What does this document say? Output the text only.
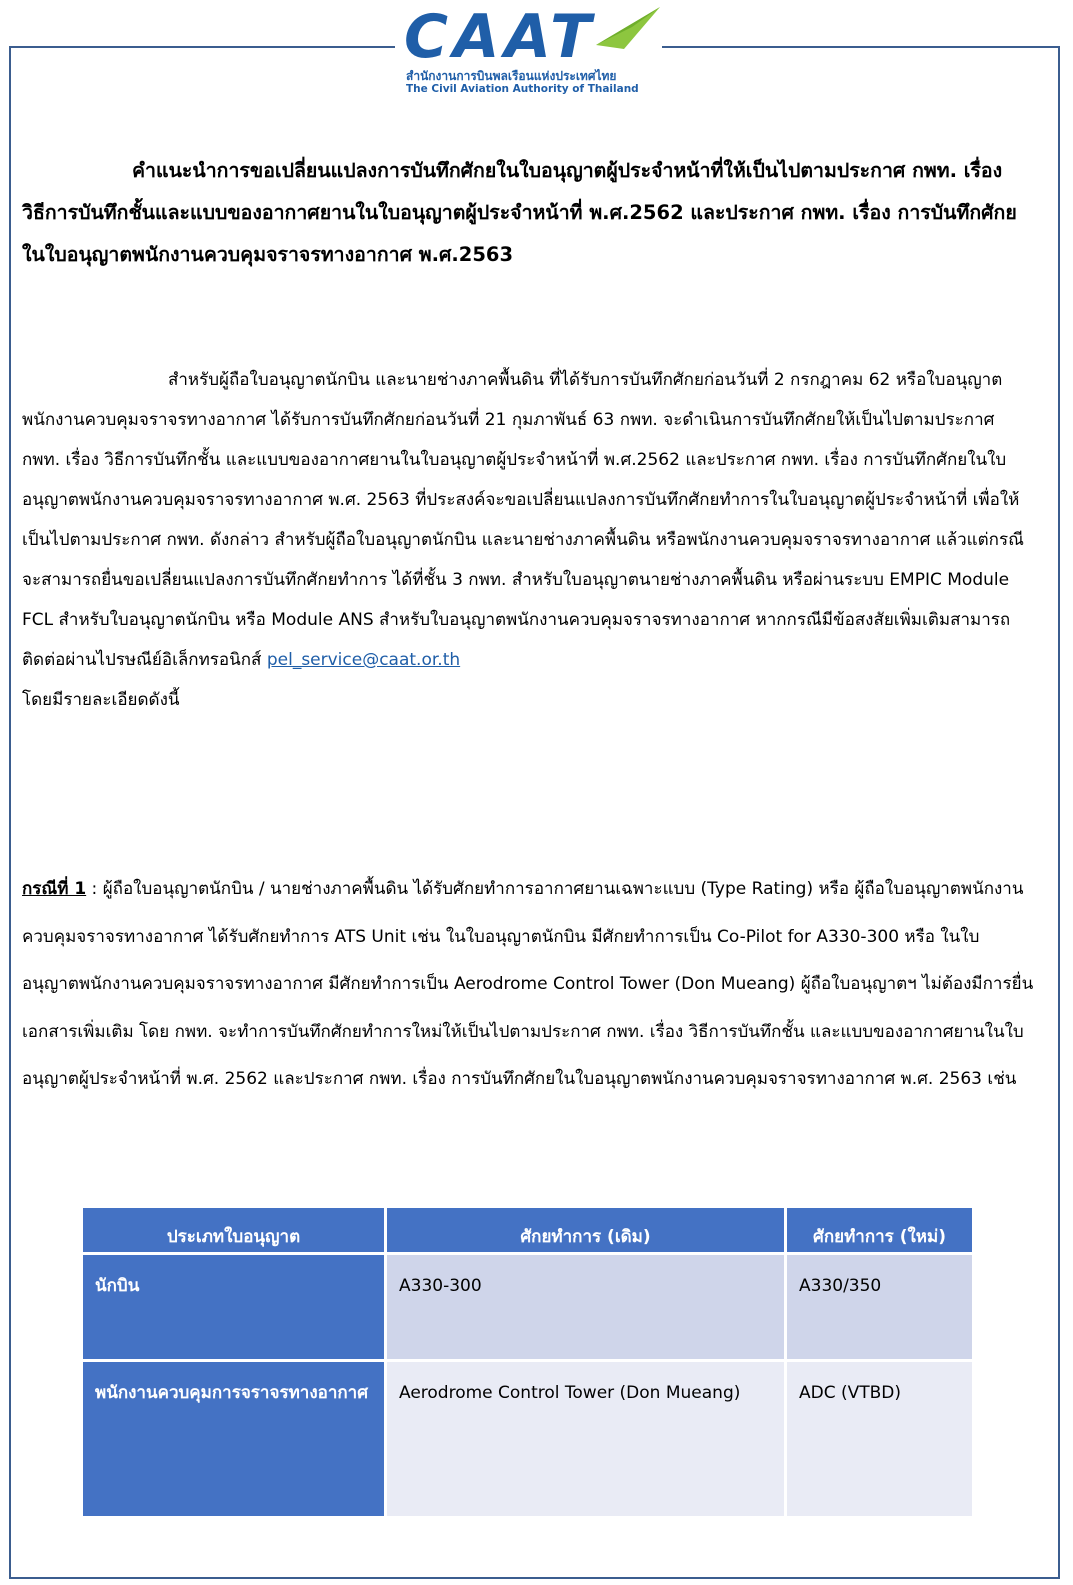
CAAT
สำนักงานการบินพลเรือนแห่งประเทศไทย
The Civil Aviation Authority of Thailand

คำแนะนำการขอเปลี่ยนแปลงการบันทึกศักยในใบอนุญาตผู้ประจำหน้าที่ให้เป็นไปตามประกาศ กพท. เรื่องวิธีการบันทึกชั้นและแบบของอากาศยานในใบอนุญาตผู้ประจำหน้าที่ พ.ศ.2562 และประกาศ กพท. เรื่อง การบันทึกศักยในใบอนุญาตพนักงานควบคุมจราจรทางอากาศ พ.ศ.2563

สำหรับผู้ถือใบอนุญาตนักบิน และนายช่างภาคพื้นดิน ที่ได้รับการบันทึกศักยก่อนวันที่ 2 กรกฎาคม 62 หรือใบอนุญาตพนักงานควบคุมจราจรทางอากาศ ได้รับการบันทึกศักยก่อนวันที่ 21 กุมภาพันธ์ 63 กพท. จะดำเนินการบันทึกศักยให้เป็นไปตามประกาศ กพท. เรื่อง วิธีการบันทึกชั้น และแบบของอากาศยานในใบอนุญาตผู้ประจำหน้าที่ พ.ศ.2562 และประกาศ กพท. เรื่อง การบันทึกศักยในใบอนุญาตพนักงานควบคุมจราจรทางอากาศ พ.ศ. 2563 ที่ประสงค์จะขอเปลี่ยนแปลงการบันทึกศักยทำการในใบอนุญาตผู้ประจำหน้าที่ เพื่อให้เป็นไปตามประกาศ กพท. ดังกล่าว สำหรับผู้ถือใบอนุญาตนักบิน และนายช่างภาคพื้นดิน หรือพนักงานควบคุมจราจรทางอากาศ แล้วแต่กรณี จะสามารถยื่นขอเปลี่ยนแปลงการบันทึกศักยทำการ ได้ที่ชั้น 3 กพท. สำหรับใบอนุญาตนายช่างภาคพื้นดิน หรือผ่านระบบ EMPIC Module FCL สำหรับใบอนุญาตนักบิน หรือ Module ANS สำหรับใบอนุญาตพนักงานควบคุมจราจรทางอากาศ หากกรณีมีข้อสงสัยเพิ่มเติมสามารถติดต่อผ่านไปรษณีย์อิเล็กทรอนิกส์ pel_service@caat.or.th
โดยมีรายละเอียดดังนี้

กรณีที่ 1 : ผู้ถือใบอนุญาตนักบิน / นายช่างภาคพื้นดิน ได้รับศักยทำการอากาศยานเฉพาะแบบ (Type Rating) หรือ ผู้ถือใบอนุญาตพนักงานควบคุมจราจรทางอากาศ ได้รับศักยทำการ ATS Unit เช่น ในใบอนุญาตนักบิน มีศักยทำการเป็น Co-Pilot for A330-300 หรือ ในใบอนุญาตพนักงานควบคุมจราจรทางอากาศ มีศักยทำการเป็น Aerodrome Control Tower (Don Mueang) ผู้ถือใบอนุญาตฯ ไม่ต้องมีการยื่นเอกสารเพิ่มเติม โดย กพท. จะทำการบันทึกศักยทำการใหม่ให้เป็นไปตามประกาศ กพท. เรื่อง วิธีการบันทึกชั้น และแบบของอากาศยานในใบอนุญาตผู้ประจำหน้าที่ พ.ศ. 2562 และประกาศ กพท. เรื่อง การบันทึกศักยในใบอนุญาตพนักงานควบคุมจราจรทางอากาศ พ.ศ. 2563 เช่น

ประเภทใบอนุญาต	ศักยทำการ (เดิม)	ศักยทำการ (ใหม่)
นักบิน	A330-300	A330/350
พนักงานควบคุมการจราจรทางอากาศ	Aerodrome Control Tower (Don Mueang)	ADC (VTBD)
